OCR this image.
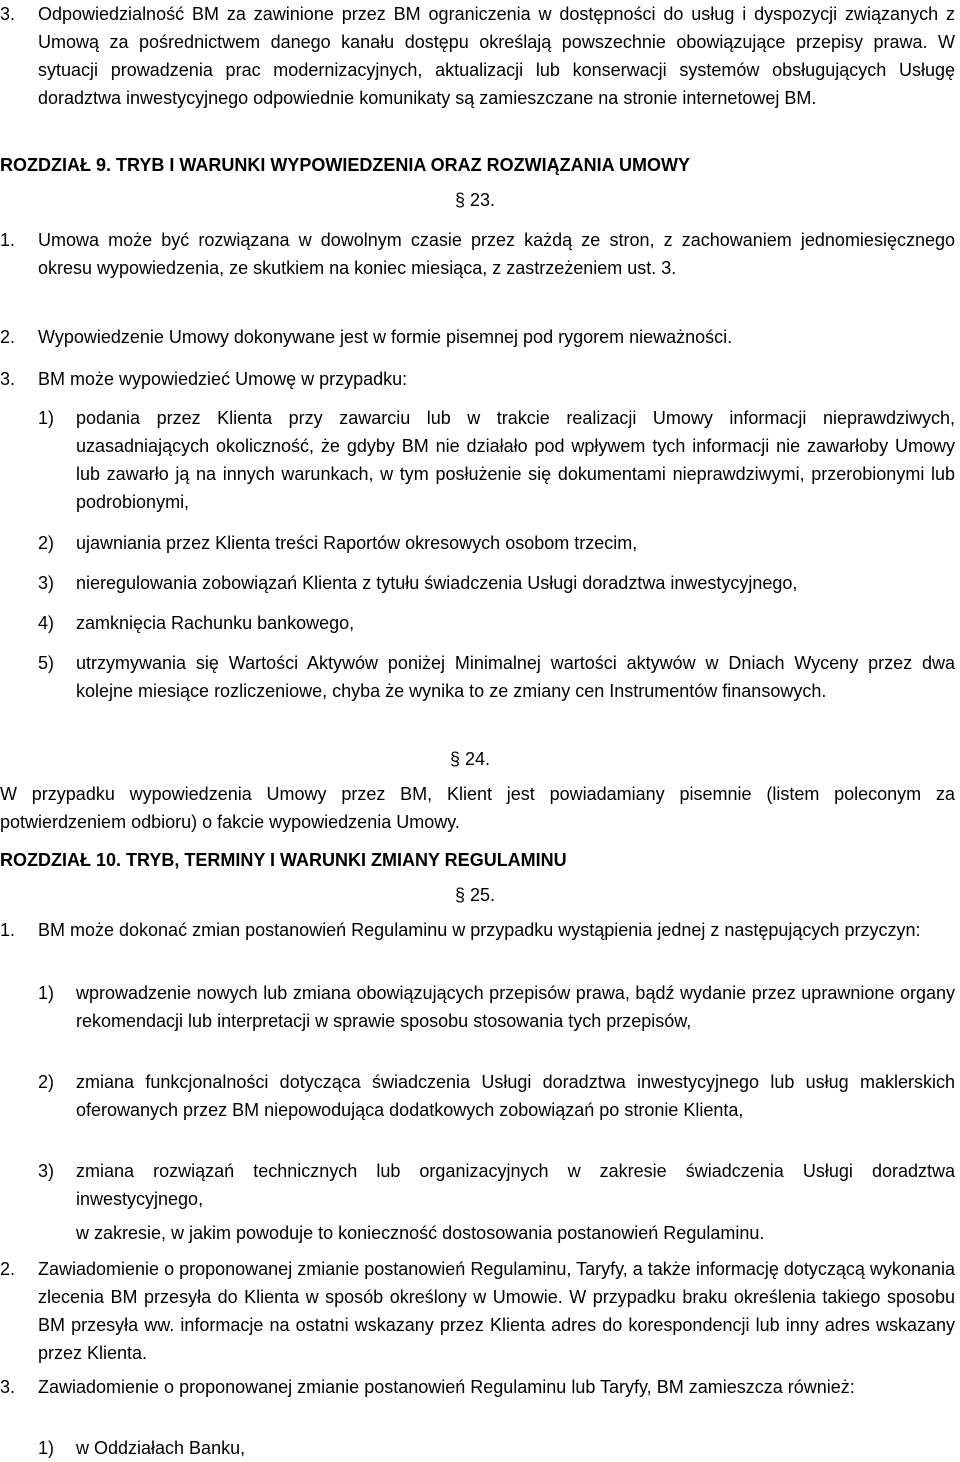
3.	Odpowiedzialność BM za zawinione przez BM ograniczenia w dostępności do usług i dyspozycji związanych z Umową za pośrednictwem danego kanału dostępu określają powszechnie obowiązujące przepisy prawa. W sytuacji prowadzenia prac modernizacyjnych, aktualizacji lub konserwacji systemów obsługujących Usługę doradztwa inwestycyjnego odpowiednie komunikaty są zamieszczane na stronie internetowej BM.
ROZDZIAŁ 9. TRYB I WARUNKI WYPOWIEDZENIA ORAZ ROZWIĄZANIA UMOWY
§ 23.
1.	Umowa może być rozwiązana w dowolnym czasie przez każdą ze stron, z zachowaniem jednomiesięcznego okresu wypowiedzenia, ze skutkiem na koniec miesiąca, z zastrzeżeniem ust. 3.
2.	Wypowiedzenie Umowy dokonywane jest w formie pisemnej pod rygorem nieważności.
3.	BM może wypowiedzieć Umowę w przypadku:
1)	podania przez Klienta przy zawarciu lub w trakcie realizacji Umowy informacji nieprawdziwych, uzasadniających okoliczność, że gdyby BM nie działało pod wpływem tych informacji nie zawarłoby Umowy lub zawarło ją na innych warunkach, w tym posłużenie się dokumentami nieprawdziwymi, przerobionymi lub podrobionymi,
2)	ujawniania przez Klienta treści Raportów okresowych osobom trzecim,
3)	nieregulowania zobowiązań Klienta z tytułu świadczenia Usługi doradztwa inwestycyjnego,
4)	zamknięcia Rachunku bankowego,
5)	utrzymywania się Wartości Aktywów poniżej Minimalnej wartości aktywów w Dniach Wyceny przez dwa kolejne miesiące rozliczeniowe, chyba że wynika to ze zmiany cen Instrumentów finansowych.
§ 24.
W przypadku wypowiedzenia Umowy przez BM, Klient jest powiadamiany pisemnie (listem poleconym za potwierdzeniem odbioru) o fakcie wypowiedzenia Umowy.
ROZDZIAŁ 10. TRYB, TERMINY I WARUNKI ZMIANY REGULAMINU
§ 25.
1.	BM może dokonać zmian postanowień Regulaminu w przypadku wystąpienia jednej z następujących przyczyn:
1)	wprowadzenie nowych lub zmiana obowiązujących przepisów prawa, bądź wydanie przez uprawnione organy rekomendacji lub interpretacji w sprawie sposobu stosowania tych przepisów,
2)	zmiana funkcjonalności dotycząca świadczenia Usługi doradztwa inwestycyjnego lub usług maklerskich oferowanych przez BM niepowodująca dodatkowych zobowiązań po stronie Klienta,
3)	zmiana rozwiązań technicznych lub organizacyjnych w zakresie świadczenia Usługi doradztwa inwestycyjnego,
w zakresie, w jakim powoduje to konieczność dostosowania postanowień Regulaminu.
2.	Zawiadomienie o proponowanej zmianie postanowień Regulaminu, Taryfy, a także informację dotyczącą wykonania zlecenia BM przesyła do Klienta w sposób określony w Umowie. W przypadku braku określenia takiego sposobu BM przesyła ww. informacje na ostatni wskazany przez Klienta adres do korespondencji lub inny adres wskazany przez Klienta.
3.	Zawiadomienie o proponowanej zmianie postanowień Regulaminu lub Taryfy, BM zamieszcza również:
1)	w Oddziałach Banku,
